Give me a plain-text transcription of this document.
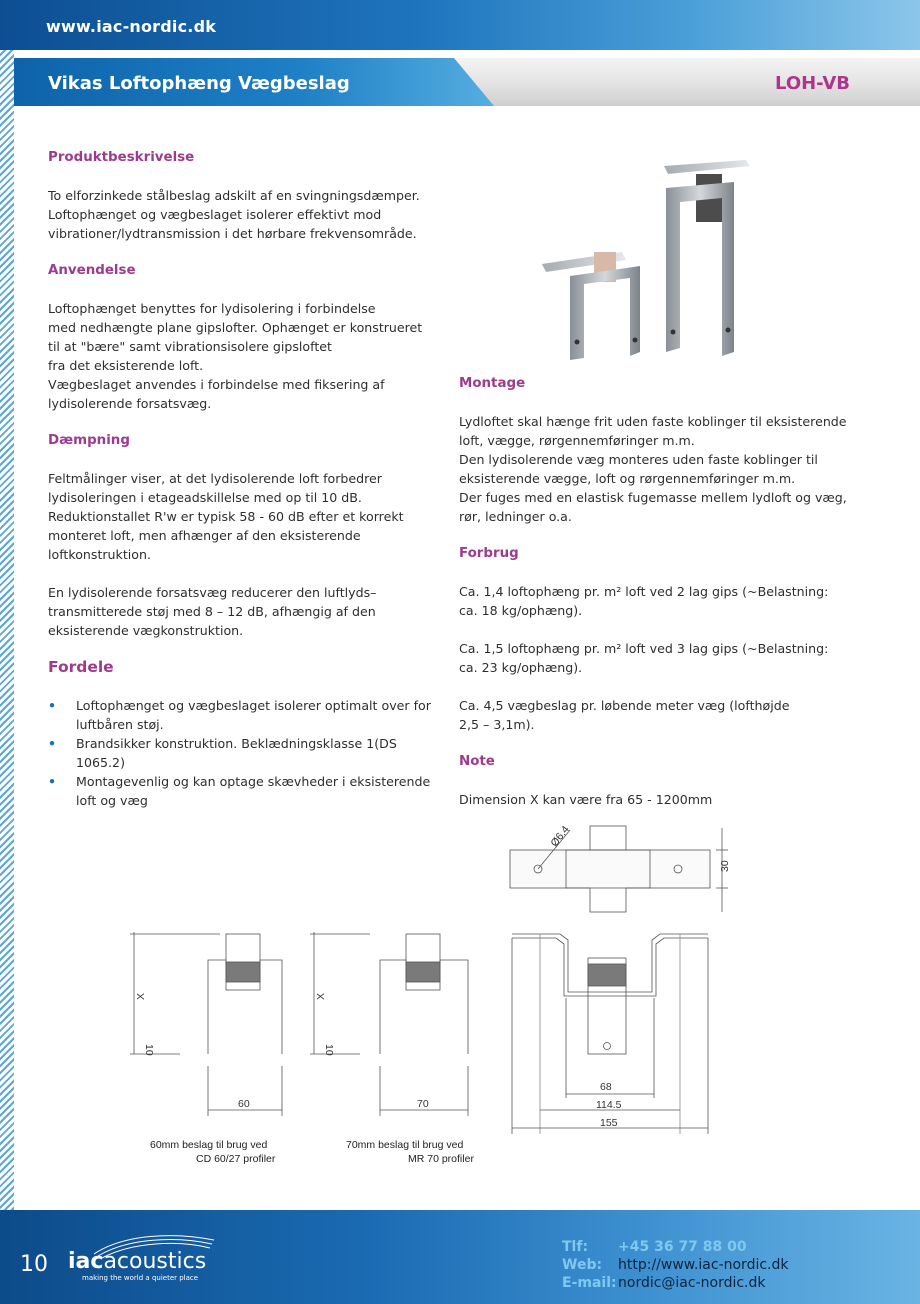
www.iac-nordic.dk
Vikas Loftophæng Vægbeslag	LOH-VB
Produktbeskrivelse

To elforzinkede stålbeslag adskilt af en svingningsdæmper.

Loftophænget og vægbeslaget isolerer effektivt mod

vibrationer/lydtransmission i det hørbare frekvensområde.

Anvendelse

Loftophænget benyttes for lydisolering i forbindelse

med nedhængte plane gipslofter. Ophænget er konstrueret

til at "bære" samt vibrationsisolere gipsloftet

fra det eksisterende loft.

Vægbeslaget anvendes i forbindelse med fiksering af

lydisolerende forsatsvæg.

Dæmpning

Feltmålinger viser, at det lydisolerende loft forbedrer

lydisoleringen i etageadskillelse med op til 10 dB.

Reduktionstallet R'w er typisk 58 - 60 dB efter et korrekt

monteret loft, men afhænger af den eksisterende

loftkonstruktion.

En lydisolerende forsatsvæg reducerer den luftlyds–

transmitterede støj med 8 – 12 dB, afhængig af den

eksisterende vægkonstruktion.

Fordele
• Loftophænget og vægbeslaget isolerer optimalt over for

luftbåren støj.

• Brandsikker konstruktion. Beklædningsklasse 1(DS

1065.2)

• Montagevenlig og kan optage skævheder i eksisterende

loft og væg

Montage

Lydloftet skal hænge frit uden faste koblinger til eksisterende

loft, vægge, rørgennemføringer m.m.

Den lydisolerende væg monteres uden faste koblinger til

eksisterende vægge, loft og rørgennemføringer m.m.

Der fuges med en elastisk fugemasse mellem lydloft og væg,

rør, ledninger o.a.

Forbrug

Ca. 1,4 loftophæng pr. m² loft ved 2 lag gips (~Belastning:

ca. 18 kg/ophæng).

Ca. 1,5 loftophæng pr. m² loft ved 3 lag gips (~Belastning:

ca. 23 kg/ophæng).

Ca. 4,5 vægbeslag pr. løbende meter væg (lofthøjde

2,5 – 3,1m).

Note

Dimension X kan være fra 65 - 1200mm

Ø6.4
30
X
10
60
60mm beslag til brug ved
CD 60/27 profiler
X
10
70
70mm beslag til brug ved
MR 70 profiler
68
114.5
155
10 iacacoustics
making the world a quieter place
Tlf: +45 36 77 88 00
Web: http://www.iac-nordic.dk
E-mail:nordic@iac-nordic.dk
